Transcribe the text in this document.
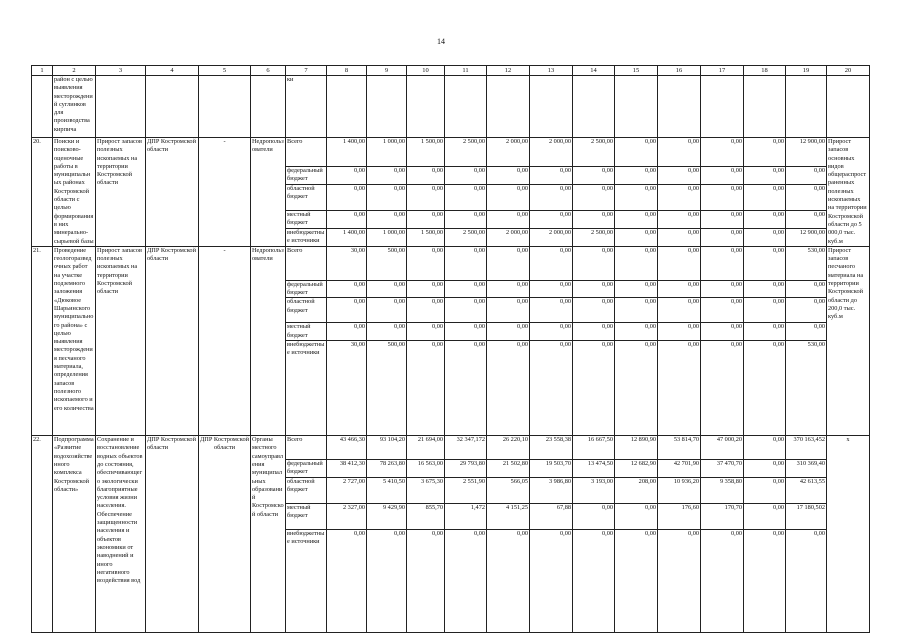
14
1	2	3	4	5	6	7	8	9	10	11	12	13	14	15	16	17	18	19	20
	район с целью выявления месторождений суглинков для производства кирпича					ки													
20.	Поиски и поисково-оценочные работы в муниципальных районах Костромской области с целью формирования в них минерально-сырьевой базы	Прирост запасов полезных ископаемых на территории Костромской области	ДПР Костромской области	-	Недропользователи	Всего	1 400,00	1 000,00	1 500,00	2 500,00	2 000,00	2 000,00	2 500,00	0,00	0,00	0,00	0,00	12 900,00	Прирост запасов основных видов общераспространенных полезных ископаемых на территории Костромской области до 5 000,0 тыс. куб.м
						федеральный бюджет	0,00	0,00	0,00	0,00	0,00	0,00	0,00	0,00	0,00	0,00	0,00	0,00	
						областной бюджет	0,00	0,00	0,00	0,00	0,00	0,00	0,00	0,00	0,00	0,00	0,00	0,00	
						местный бюджет	0,00	0,00	0,00	0,00	0,00	0,00	0,00	0,00	0,00	0,00	0,00	0,00	
						внебюджетные источники	1 400,00	1 000,00	1 500,00	2 500,00	2 000,00	2 000,00	2 500,00	0,00	0,00	0,00	0,00	12 900,00	
21.	Проведение геологоразведочных работ на участке подземного заложения «Дюковое Шарьинского муниципального района» с целью выявления месторождения песчаного материала, определения запасов полезного ископаемого и его количества	Прирост запасов полезных ископаемых на территории Костромской области	ДПР Костромской области	-	Недропользователи	Всего	30,00	500,00	0,00	0,00	0,00	0,00	0,00	0,00	0,00	0,00	0,00	530,00	Прирост запасов песчаного материала на территории Костромской области до 200,0 тыс. куб.м
						федеральный бюджет	0,00	0,00	0,00	0,00	0,00	0,00	0,00	0,00	0,00	0,00	0,00	0,00	
						областной бюджет	0,00	0,00	0,00	0,00	0,00	0,00	0,00	0,00	0,00	0,00	0,00	0,00	
						местный бюджет	0,00	0,00	0,00	0,00	0,00	0,00	0,00	0,00	0,00	0,00	0,00	0,00	
						внебюджетные источники	30,00	500,00	0,00	0,00	0,00	0,00	0,00	0,00	0,00	0,00	0,00	530,00	
22.	Подпрограмма «Развитие водохозяйственного комплекса Костромской области»	Сохранение и восстановление водных объектов до состояния, обеспечивающего экологически благоприятные условия жизни населения. Обеспечение защищенности населения и объектов экономики от наводнений и иного негативного воздействия вод	ДПР Костромской области	ДПР Костромской области	Органы местного самоуправления муниципальных образований Костромской области	Всего	43 466,30	93 104,20	21 694,00	32 347,172	26 220,10	23 558,38	16 667,50	12 890,90	53 814,70	47 000,20	0,00	370 163,452	x
						федеральный бюджет	38 412,30	78 263,80	16 563,00	29 793,80	21 502,80	19 503,70	13 474,50	12 682,90	42 701,90	37 470,70	0,00	310 369,40	
						областной бюджет	2 727,00	5 410,50	3 675,30	2 551,90	566,05	3 986,80	3 193,00	208,00	10 936,20	9 358,80	0,00	42 613,55	
						местный бюджет	2 327,00	9 429,90	855,70	1,472	4 151,25	67,88	0,00	0,00	176,60	170,70	0,00	17 180,502	
						внебюджетные источники	0,00	0,00	0,00	0,00	0,00	0,00	0,00	0,00	0,00	0,00	0,00	0,00	
